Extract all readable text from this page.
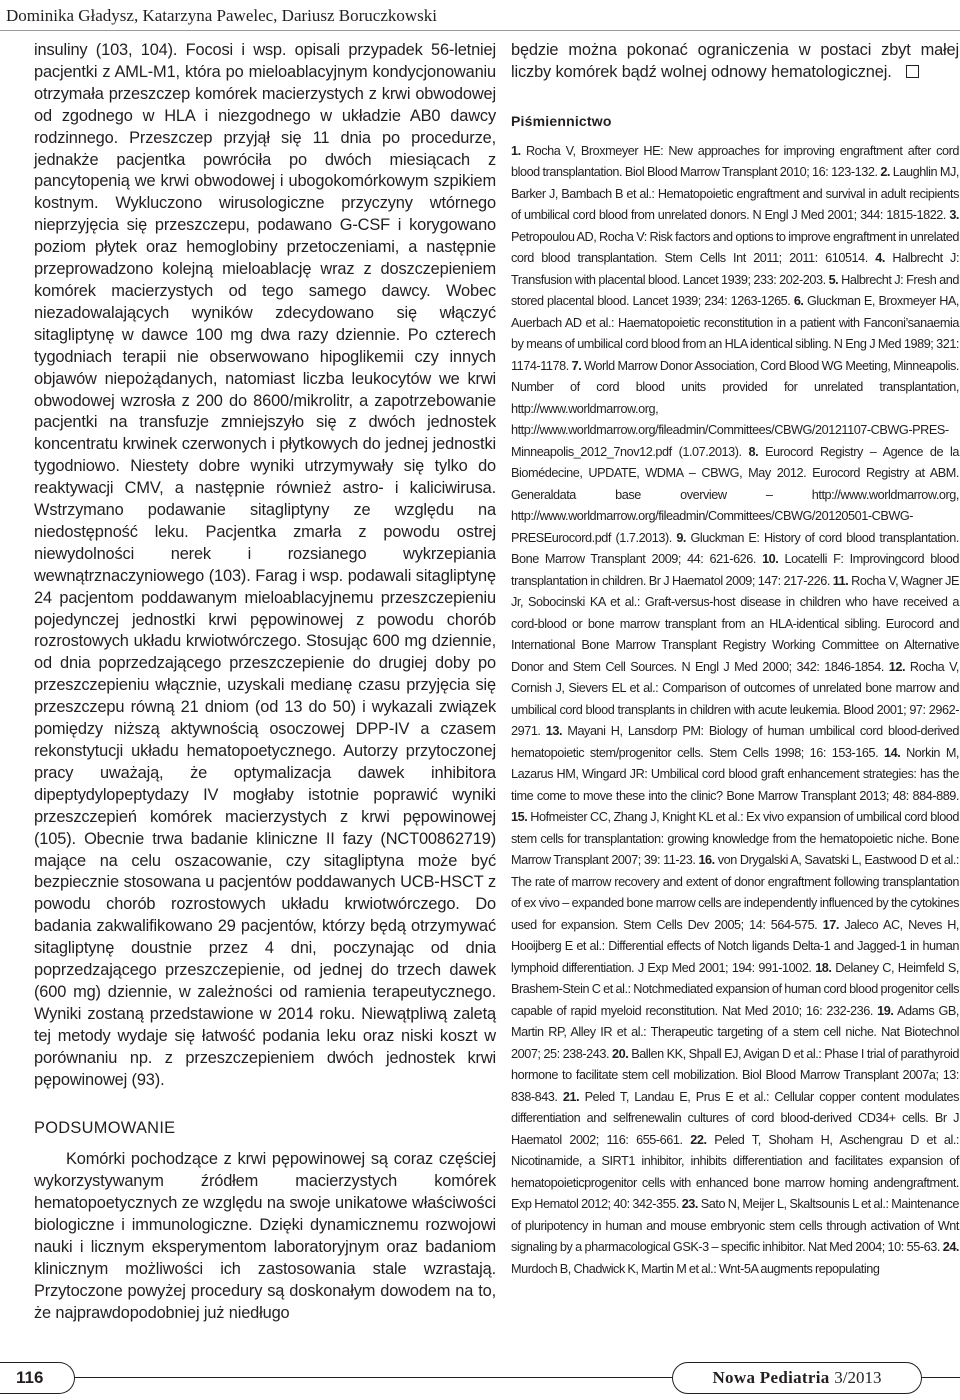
Dominika Gładysz, Katarzyna Pawelec, Dariusz Boruczkowski

insuliny (103, 104). Focosi i wsp. opisali przypadek 56-letniej pacjentki z AML-M1, która po mieloablacyjnym kondycjonowaniu otrzymała przeszczep komórek macierzystych z krwi obwodowej od zgodnego w HLA i niezgodnego w układzie AB0 dawcy rodzinnego. Przeszczep przyjął się 11 dnia po procedurze, jednakże pacjentka powróciła po dwóch miesiącach z pancytopenią we krwi obwodowej i ubogokomórkowym szpikiem kostnym. Wykluczono wirusologiczne przyczyny wtórnego nieprzyjęcia się przeszczepu, podawano G-CSF i korygowano poziom płytek oraz hemoglobiny przetoczeniami, a następnie przeprowadzono kolejną mieloablację wraz z doszczepieniem komórek macierzystych od tego samego dawcy. Wobec niezadowalających wyników zdecydowano się włączyć sitagliptynę w dawce 100 mg dwa razy dziennie. Po czterech tygodniach terapii nie obserwowano hipoglikemii czy innych objawów niepożądanych, natomiast liczba leukocytów we krwi obwodowej wzrosła z 200 do 8600/mikrolitr, a zapotrzebowanie pacjentki na transfuzje zmniejszyło się z dwóch jednostek koncentratu krwinek czerwonych i płytkowych do jednej jednostki tygodniowo. Niestety dobre wyniki utrzymywały się tylko do reaktywacji CMV, a następnie również astro- i kaliciwirusa. Wstrzymano podawanie sitagliptyny ze względu na niedostępność leku. Pacjentka zmarła z powodu ostrej niewydolności nerek i rozsianego wykrzepiania wewnątrznaczyniowego (103). Farag i wsp. podawali sitagliptynę 24 pacjentom poddawanym mieloablacyjnemu przeszczepieniu pojedynczej jednostki krwi pępowinowej z powodu chorób rozrostowych układu krwiotwórczego. Stosując 600 mg dziennie, od dnia poprzedzającego przeszczepienie do drugiej doby po przeszczepieniu włącznie, uzyskali medianę czasu przyjęcia się przeszczepu równą 21 dniom (od 13 do 50) i wykazali związek pomiędzy niższą aktywnością osoczowej DPP-IV a czasem rekonstytucji układu hematopoetycznego. Autorzy przytoczonej pracy uważają, że optymalizacja dawek inhibitora dipeptydylopeptydazy IV mogłaby istotnie poprawić wyniki przeszczepień komórek macierzystych z krwi pępowinowej (105). Obecnie trwa badanie kliniczne II fazy (NCT00862719) mające na celu oszacowanie, czy sitagliptyna może być bezpiecznie stosowana u pacjentów poddawanych UCB-HSCT z powodu chorób rozrostowych układu krwiotwórczego. Do badania zakwalifikowano 29 pacjentów, którzy będą otrzymywać sitagliptynę doustnie przez 4 dni, poczynając od dnia poprzedzającego przeszczepienie, od jednej do trzech dawek (600 mg) dziennie, w zależności od ramienia terapeutycznego. Wyniki zostaną przedstawione w 2014 roku. Niewątpliwą zaletą tej metody wydaje się łatwość podania leku oraz niski koszt w porównaniu np. z przeszczepieniem dwóch jednostek krwi pępowinowej (93).

PODSUMOWANIE

Komórki pochodzące z krwi pępowinowej są coraz częściej wykorzystywanym źródłem macierzystych komórek hematopoetycznych ze względu na swoje unikatowe właściwości biologiczne i immunologiczne. Dzięki dynamicznemu rozwojowi nauki i licznym eksperymentom laboratoryjnym oraz badaniom klinicznym możliwości ich zastosowania stale wzrastają. Przytoczone powyżej procedury są doskonałym dowodem na to, że najprawdopodobniej już niedługo

będzie można pokonać ograniczenia w postaci zbyt małej liczby komórek bądź wolnej odnowy hematologicznej.

Piśmiennictwo

1. Rocha V, Broxmeyer HE: New approaches for improving engraftment after cord blood transplantation. Biol Blood Marrow Transplant 2010; 16: 123-132. 2. Laughlin MJ, Barker J, Bambach B et al.: Hematopoietic engraftment and survival in adult recipients of umbilical cord blood from unrelated donors. N Engl J Med 2001; 344: 1815-1822. 3. Petropoulou AD, Rocha V: Risk factors and options to improve engraftment in unrelated cord blood transplantation. Stem Cells Int 2011; 2011: 610514. 4. Halbrecht J: Transfusion with placental blood. Lancet 1939; 233: 202-203. 5. Halbrecht J: Fresh and stored placental blood. Lancet 1939; 234: 1263-1265. 6. Gluckman E, Broxmeyer HA, Auerbach AD et al.: Haematopoietic reconstitution in a patient with Fanconi’sanaemia by means of umbilical cord blood from an HLA identical sibling. N Eng J Med 1989; 321: 1174-1178. 7. World Marrow Donor Association, Cord Blood WG Meeting, Minneapolis. Number of cord blood units provided for unrelated transplantation, http://www.worldmarrow.org, http://www.worldmarrow.org/fileadmin/Committees/CBWG/20121107-CBWG-PRES-Minneapolis_2012_7nov12.pdf (1.07.2013). 8. Eurocord Registry – Agence de la Biomédecine, UPDATE, WDMA – CBWG, May 2012. Eurocord Registry at ABM. Generaldata base overview – http://www.worldmarrow.org, http://www.worldmarrow.org/fileadmin/Committees/CBWG/20120501-CBWG-PRESEurocord.pdf (1.7.2013). 9. Gluckman E: History of cord blood transplantation. Bone Marrow Transplant 2009; 44: 621-626. 10. Locatelli F: Improvingcord blood transplantation in children. Br J Haematol 2009; 147: 217-226. 11. Rocha V, Wagner JE Jr, Sobocinski KA et al.: Graft-versus-host disease in children who have received a cord-blood or bone marrow transplant from an HLA-identical sibling. Eurocord and International Bone Marrow Transplant Registry Working Committee on Alternative Donor and Stem Cell Sources. N Engl J Med 2000; 342: 1846-1854. 12. Rocha V, Cornish J, Sievers EL et al.: Comparison of outcomes of unrelated bone marrow and umbilical cord blood transplants in children with acute leukemia. Blood 2001; 97: 2962-2971. 13. Mayani H, Lansdorp PM: Biology of human umbilical cord blood-derived hematopoietic stem/progenitor cells. Stem Cells 1998; 16: 153-165. 14. Norkin M, Lazarus HM, Wingard JR: Umbilical cord blood graft enhancement strategies: has the time come to move these into the clinic? Bone Marrow Transplant 2013; 48: 884-889. 15. Hofmeister CC, Zhang J, Knight KL et al.: Ex vivo expansion of umbilical cord blood stem cells for transplantation: growing knowledge from the hematopoietic niche. Bone Marrow Transplant 2007; 39: 11-23. 16. von Drygalski A, Savatski L, Eastwood D et al.: The rate of marrow recovery and extent of donor engraftment following transplantation of ex vivo – expanded bone marrow cells are independently influenced by the cytokines used for expansion. Stem Cells Dev 2005; 14: 564-575. 17. Jaleco AC, Neves H, Hooijberg E et al.: Differential effects of Notch ligands Delta-1 and Jagged-1 in human lymphoid differentiation. J Exp Med 2001; 194: 991-1002. 18. Delaney C, Heimfeld S, Brashem-Stein C et al.: Notchmediated expansion of human cord blood progenitor cells capable of rapid myeloid reconstitution. Nat Med 2010; 16: 232-236. 19. Adams GB, Martin RP, Alley IR et al.: Therapeutic targeting of a stem cell niche. Nat Biotechnol 2007; 25: 238-243. 20. Ballen KK, Shpall EJ, Avigan D et al.: Phase I trial of parathyroid hormone to facilitate stem cell mobilization. Biol Blood Marrow Transplant 2007a; 13: 838-843. 21. Peled T, Landau E, Prus E et al.: Cellular copper content modulates differentiation and selfrenewalin cultures of cord blood-derived CD34+ cells. Br J Haematol 2002; 116: 655-661. 22. Peled T, Shoham H, Aschengrau D et al.: Nicotinamide, a SIRT1 inhibitor, inhibits differentiation and facilitates expansion of hematopoieticprogenitor cells with enhanced bone marrow homing andengraftment. Exp Hematol 2012; 40: 342-355. 23. Sato N, Meijer L, Skaltsounis L et al.: Maintenance of pluripotency in human and mouse embryonic stem cells through activation of Wnt signaling by a pharmacological GSK-3 – specific inhibitor. Nat Med 2004; 10: 55-63. 24. Murdoch B, Chadwick K, Martin M et al.: Wnt-5A augments repopulating

116	Nowa Pediatria 3/2013
